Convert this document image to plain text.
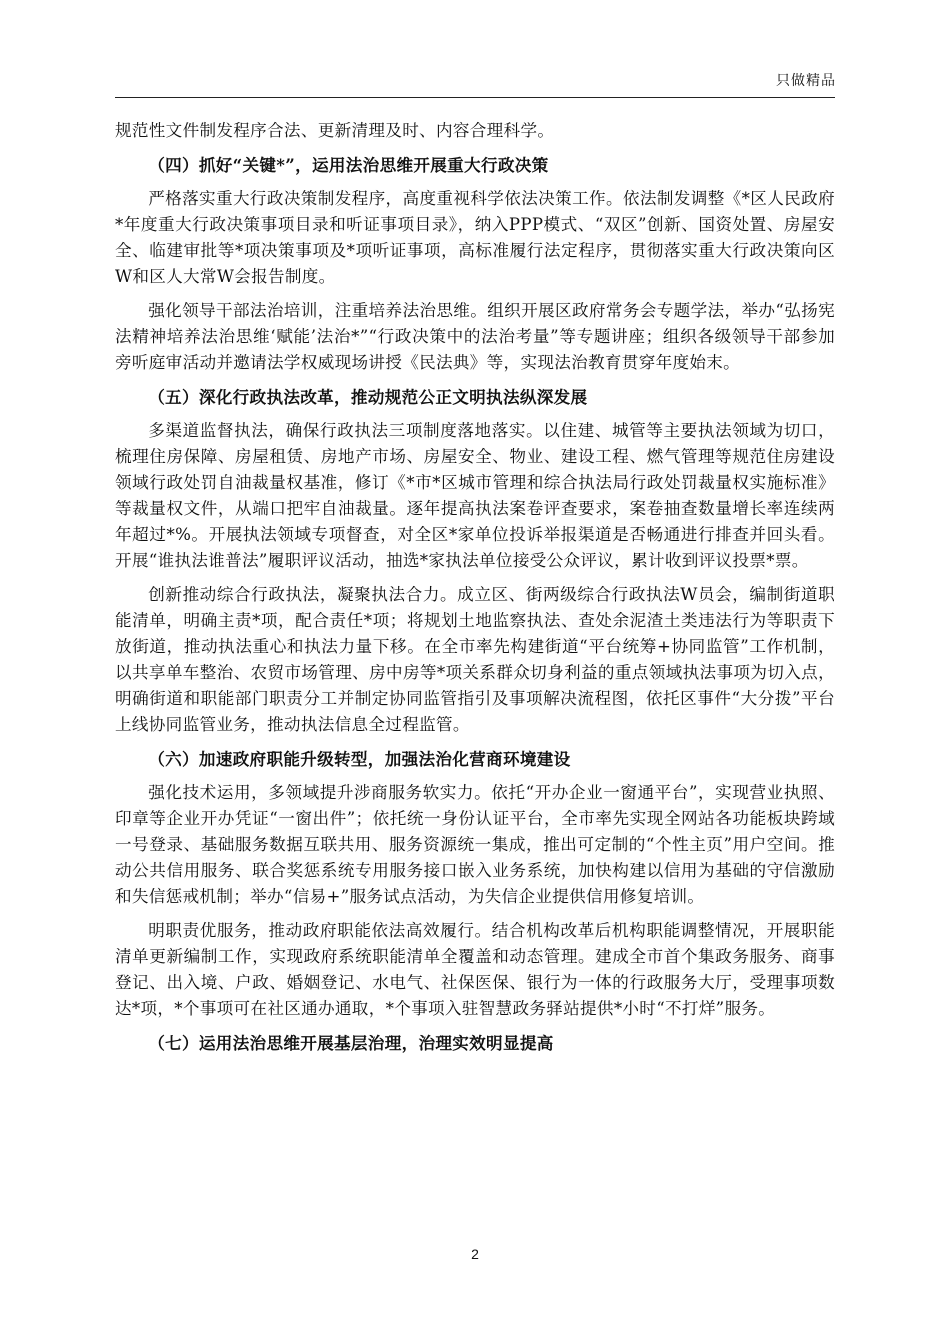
只做精品

规范性文件制发程序合法、更新清理及时、内容合理科学。

（四）抓好“关键*”，运用法治思维开展重大行政决策

严格落实重大行政决策制发程序，高度重视科学依法决策工作。依法制发调整《*区人民政府*年度重大行政决策事项目录和听证事项目录》，纳入PPP模式、“双区”创新、国资处置、房屋安全、临建审批等*项决策事项及*项听证事项，高标准履行法定程序，贯彻落实重大行政决策向区W和区人大常W会报告制度。

强化领导干部法治培训，注重培养法治思维。组织开展区政府常务会专题学法，举办“弘扬宪法精神培养法治思维‘赋能’法治*”“行政决策中的法治考量”等专题讲座；组织各级领导干部参加旁听庭审活动并邀请法学权威现场讲授《民法典》等，实现法治教育贯穿年度始末。

（五）深化行政执法改革，推动规范公正文明执法纵深发展

多渠道监督执法，确保行政执法三项制度落地落实。以住建、城管等主要执法领域为切口，梳理住房保障、房屋租赁、房地产市场、房屋安全、物业、建设工程、燃气管理等规范住房建设领域行政处罚自油裁量权基准，修订《*市*区城市管理和综合执法局行政处罚裁量权实施标准》等裁量权文件，从端口把牢自油裁量。逐年提高执法案卷评查要求，案卷抽查数量增长率连续两年超过*%。开展执法领域专项督查，对全区*家单位投诉举报渠道是否畅通进行排查并回头看。开展“谁执法谁普法”履职评议活动，抽选*家执法单位接受公众评议，累计收到评议投票*票。

创新推动综合行政执法，凝聚执法合力。成立区、街两级综合行政执法W员会，编制街道职能清单，明确主责*项，配合责任*项；将规划土地监察执法、查处余泥渣土类违法行为等职责下放街道，推动执法重心和执法力量下移。在全市率先构建街道“平台统筹+协同监管”工作机制，以共享单车整治、农贸市场管理、房中房等*项关系群众切身利益的重点领域执法事项为切入点，明确街道和职能部门职责分工并制定协同监管指引及事项解决流程图，依托区事件“大分拨”平台上线协同监管业务，推动执法信息全过程监管。

（六）加速政府职能升级转型，加强法治化营商环境建设

强化技术运用，多领域提升涉商服务软实力。依托“开办企业一窗通平台”，实现营业执照、印章等企业开办凭证“一窗出件”；依托统一身份认证平台，全市率先实现全网站各功能板块跨域一号登录、基础服务数据互联共用、服务资源统一集成，推出可定制的“个性主页”用户空间。推动公共信用服务、联合奖惩系统专用服务接口嵌入业务系统，加快构建以信用为基础的守信激励和失信惩戒机制；举办“信易+”服务试点活动，为失信企业提供信用修复培训。

明职责优服务，推动政府职能依法高效履行。结合机构改革后机构职能调整情况，开展职能清单更新编制工作，实现政府系统职能清单全覆盖和动态管理。建成全市首个集政务服务、商事登记、出入境、户政、婚姻登记、水电气、社保医保、银行为一体的行政服务大厅，受理事项数达*项，*个事项可在社区通办通取，*个事项入驻智慧政务驿站提供*小时“不打烊”服务。

（七）运用法治思维开展基层治理，治理实效明显提高
2
